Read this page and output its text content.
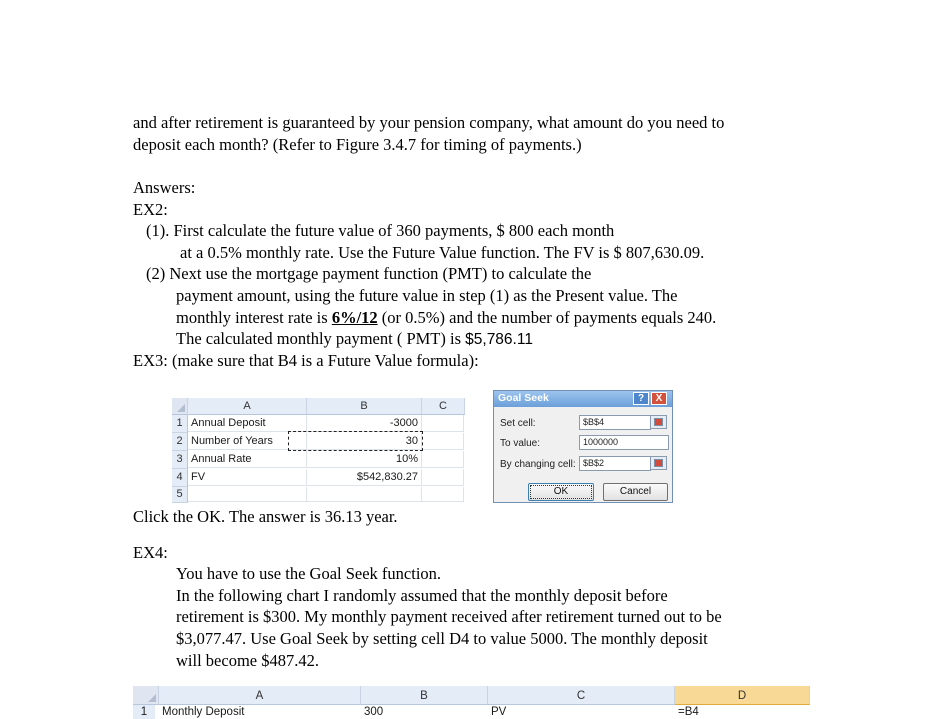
and after retirement is guaranteed by your pension company, what amount do you need to
deposit each month? (Refer to Figure 3.4.7 for timing of payments.)
Answers:
EX2:
(1). First calculate the future value of 360 payments, $ 800 each month
at a 0.5% monthly rate. Use the Future Value function. The FV is $ 807,630.09.
(2) Next use the mortgage payment function (PMT) to calculate the
payment amount, using the future value in step (1) as the Present value. The
monthly interest rate is 6%/12 (or 0.5%) and the number of payments equals 240.
The calculated monthly payment ( PMT) is $5,786.11
EX3: (make sure that B4 is a Future Value formula):
A	B	C
1 Annual Deposit	-3000
2 Number of Years	30
3 Annual Rate	10%
4 FV	$542,830.27
5
Goal Seek	?	X
Set cell:	$B$4
To value:	1000000
By changing cell: $B$2
OK	Cancel
Click the OK. The answer is 36.13 year.
EX4:
You have to use the Goal Seek function.
In the following chart I randomly assumed that the monthly deposit before
retirement is $300. My monthly payment received after retirement turned out to be
$3,077.47. Use Goal Seek by setting cell D4 to value 5000. The monthly deposit
will become $487.42.
A	B	C	D
1	Monthly Deposit	300	PV	=B4
